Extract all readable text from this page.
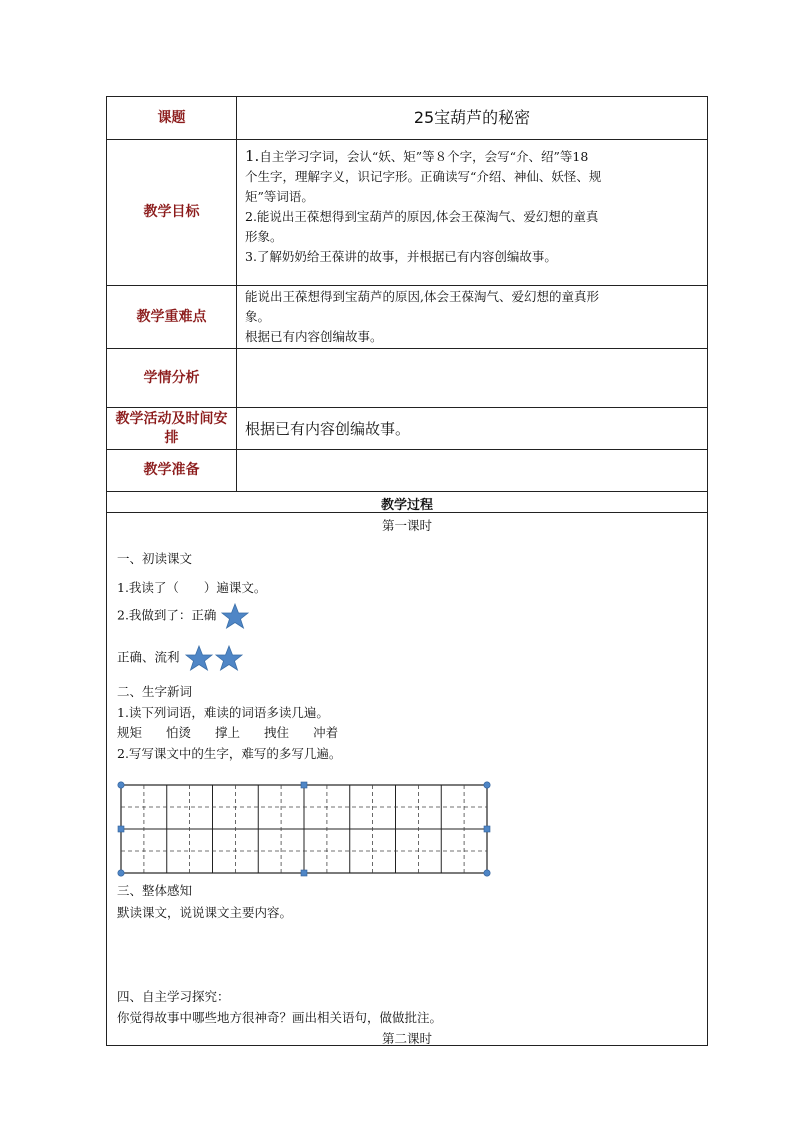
课题	25宝葫芦的秘密
教学目标

1.自主学习字词，会认“妖、矩”等８个字，会写“介、绍”等18

个生字，理解字义，识记字形。正确读写“介绍、神仙、妖怪、规

矩”等词语。

2.能说出王葆想得到宝葫芦的原因,体会王葆淘气、爱幻想的童真

形象。

3.了解奶奶给王葆讲的故事，并根据已有内容创编故事。

教学重难点

能说出王葆想得到宝葫芦的原因,体会王葆淘气、爱幻想的童真形

象。

根据已有内容创编故事。

学情分析
教学活动及时间安排	根据已有内容创编故事。
教学准备
教学过程
第一课时
一、初读课文
1.我读了（　　）遍课文。
2.我做到了：正确
正确、流利
二、生字新词
1.读下列词语，难读的词语多读几遍。
规矩 怕烫 撑上 拽住 冲着
2.写写课文中的生字，难写的多写几遍。
三、整体感知
默读课文，说说课文主要内容。
四、自主学习探究：
你觉得故事中哪些地方很神奇？画出相关语句，做做批注。
第二课时
